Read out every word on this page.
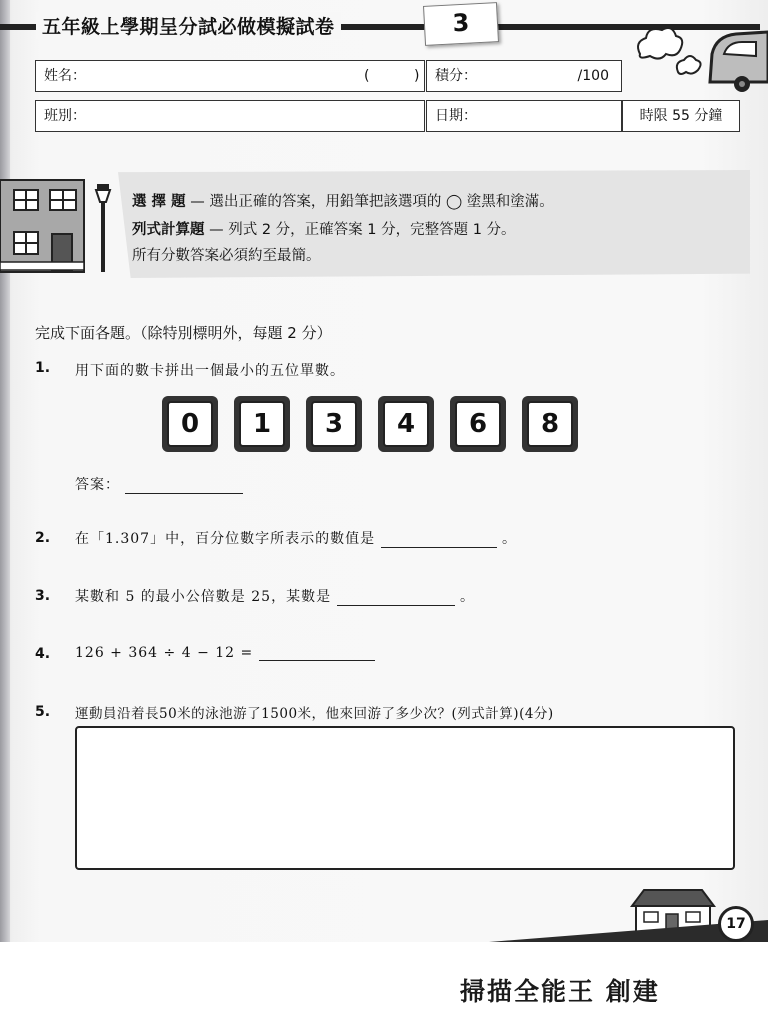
五年級上學期呈分試必做模擬試卷	3
姓名：	(          )	積分：	/100
班別：	日期：	時限 55 分鐘
選 擇 題 — 選出正確的答案，用鉛筆把該選項的 ◯ 塗黑和塗滿。
列式計算題 — 列式 2 分，正確答案 1 分，完整答題 1 分。
所有分數答案必須約至最簡。
完成下面各題。（除特別標明外，每題 2 分）
1. 用下面的數卡拼出一個最小的五位單數。
0	1	3	4	6	8
答案：
2. 在「1.307」中，百分位數字所表示的數值是	。
3. 某數和 5 的最小公倍數是 25，某數是	。
4. 126 + 364 ÷ 4 − 12 =
5. 運動員沿着長50米的泳池游了1500米，他來回游了多少次？(列式計算)(4分)
17
掃描全能王 創建
